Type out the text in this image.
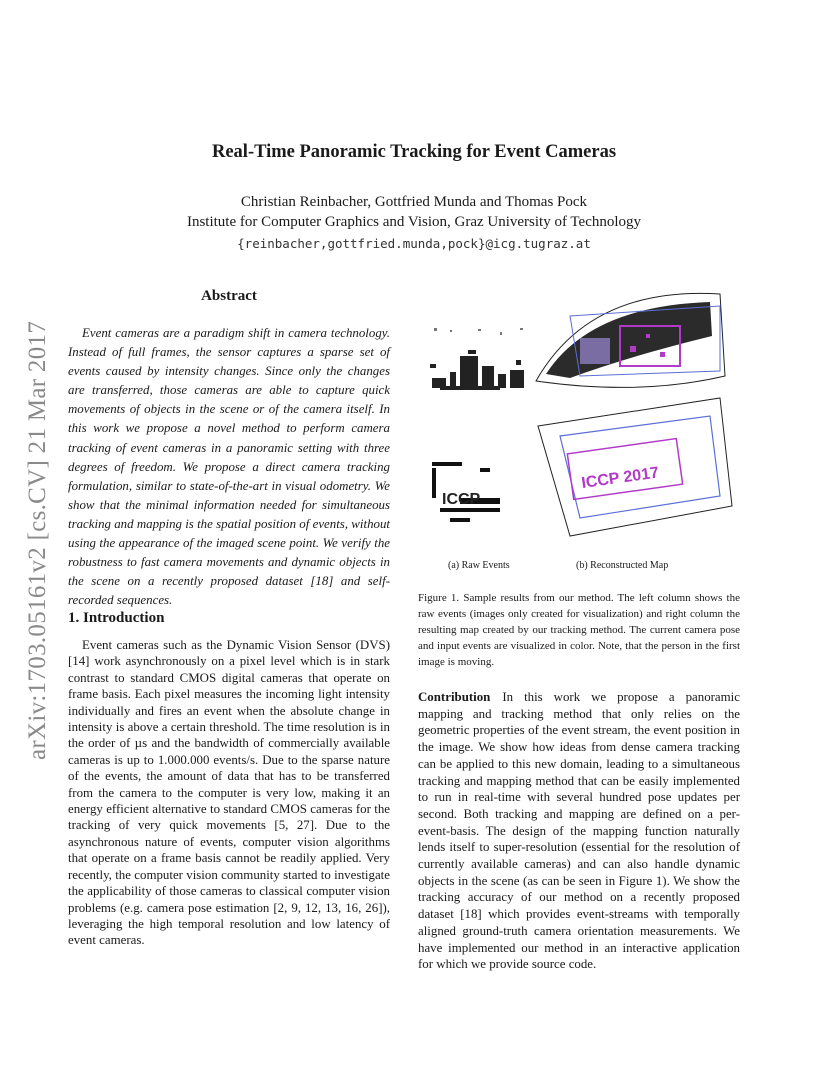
Real-Time Panoramic Tracking for Event Cameras
Christian Reinbacher, Gottfried Munda and Thomas Pock
Institute for Computer Graphics and Vision, Graz University of Technology
{reinbacher,gottfried.munda,pock}@icg.tugraz.at
arXiv:1703.05161v2 [cs.CV] 21 Mar 2017
Abstract

Event cameras are a paradigm shift in camera technology. Instead of full frames, the sensor captures a sparse set of events caused by intensity changes. Since only the changes are transferred, those cameras are able to capture quick movements of objects in the scene or of the camera itself. In this work we propose a novel method to perform camera tracking of event cameras in a panoramic setting with three degrees of freedom. We propose a direct camera tracking formulation, similar to state-of-the-art in visual odometry. We show that the minimal information needed for simultaneous tracking and mapping is the spatial position of events, without using the appearance of the imaged scene point. We verify the robustness to fast camera movements and dynamic objects in the scene on a recently proposed dataset [18] and self-recorded sequences.

1. Introduction

Event cameras such as the Dynamic Vision Sensor (DVS) [14] work asynchronously on a pixel level which is in stark contrast to standard CMOS digital cameras that operate on frame basis. Each pixel measures the incoming light intensity individually and fires an event when the absolute change in intensity is above a certain threshold. The time resolution is in the order of µs and the bandwidth of commercially available cameras is up to 1.000.000 events/s. Due to the sparse nature of the events, the amount of data that has to be transferred from the camera to the computer is very low, making it an energy efficient alternative to standard CMOS cameras for the tracking of very quick movements [5, 27]. Due to the asynchronous nature of events, computer vision algorithms that operate on a frame basis cannot be readily applied. Very recently, the computer vision community started to investigate the applicability of those cameras to classical computer vision problems (e.g. camera pose estimation [2, 9, 12, 13, 16, 26]), leveraging the high temporal resolution and low latency of event cameras.

ICCP
ICCP 2017
(a) Raw Events	(b) Reconstructed Map

Figure 1. Sample results from our method. The left column shows the raw events (images only created for visualization) and right column the resulting map created by our tracking method. The current camera pose and input events are visualized in color. Note, that the person in the first image is moving.

Contribution In this work we propose a panoramic mapping and tracking method that only relies on the geometric properties of the event stream, the event position in the image. We show how ideas from dense camera tracking can be applied to this new domain, leading to a simultaneous tracking and mapping method that can be easily implemented to run in real-time with several hundred pose updates per second. Both tracking and mapping are defined on a per-event-basis. The design of the mapping function naturally lends itself to super-resolution (essential for the resolution of currently available cameras) and can also handle dynamic objects in the scene (as can be seen in Figure 1). We show the tracking accuracy of our method on a recently proposed dataset [18] which provides event-streams with temporally aligned ground-truth camera orientation measurements. We have implemented our method in an interactive application for which we provide source code.
